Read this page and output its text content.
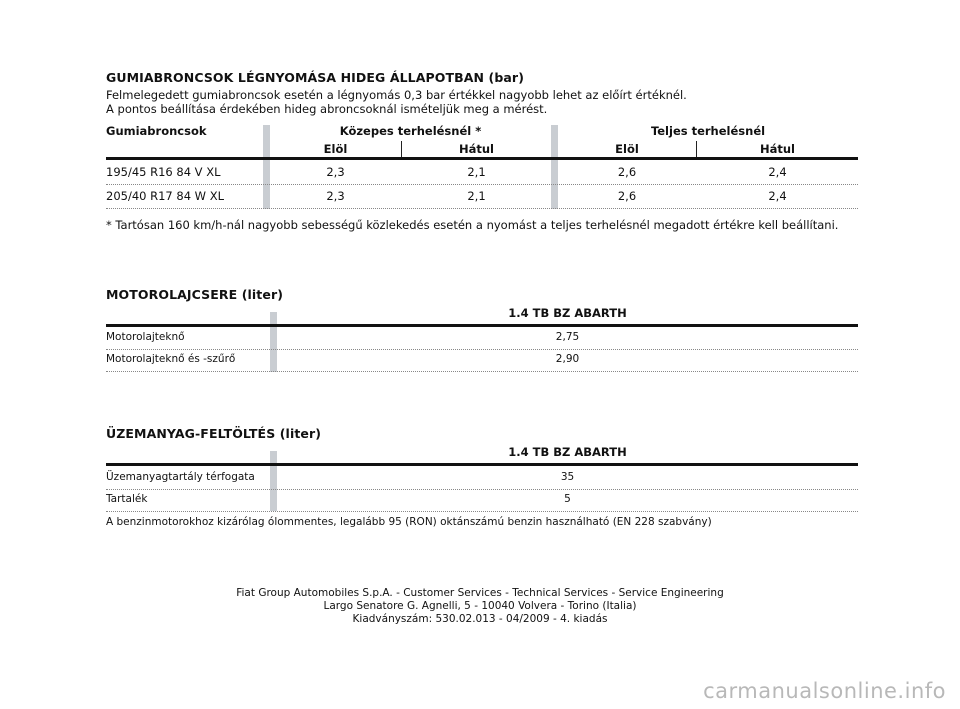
GUMIABRONCSOK LÉGNYOMÁSA HIDEG ÁLLAPOTBAN (bar)
Felmelegedett gumiabroncsok esetén a légnyomás 0,3 bar értékkel nagyobb lehet az előírt értéknél.
A pontos beállítása érdekében hideg abroncsoknál ismételjük meg a mérést.
Gumiabroncsok	Közepes terhelésnél *	Teljes terhelésnél
Elöl	Hátul	Elöl	Hátul
195/45 R16 84 V XL	2,3	2,1	2,6	2,4
205/40 R17 84 W XL	2,3	2,1	2,6	2,4
* Tartósan 160 km/h-nál nagyobb sebességű közlekedés esetén a nyomást a teljes terhelésnél megadott értékre kell beállítani.
MOTOROLAJCSERE (liter)
1.4 TB BZ ABARTH
Motorolajteknő	2,75
Motorolajteknő és -szűrő	2,90
ÜZEMANYAG-FELTÖLTÉS (liter)
1.4 TB BZ ABARTH
Üzemanyagtartály térfogata	35
Tartalék	5
A benzinmotorokhoz kizárólag ólommentes, legalább 95 (RON) oktánszámú benzin használható (EN 228 szabvány)
Fiat Group Automobiles S.p.A. - Customer Services - Technical Services - Service Engineering
Largo Senatore G. Agnelli, 5 - 10040 Volvera - Torino (Italia)
Kiadványszám: 530.02.013 - 04/2009 - 4. kiadás
carmanualsonline.info
